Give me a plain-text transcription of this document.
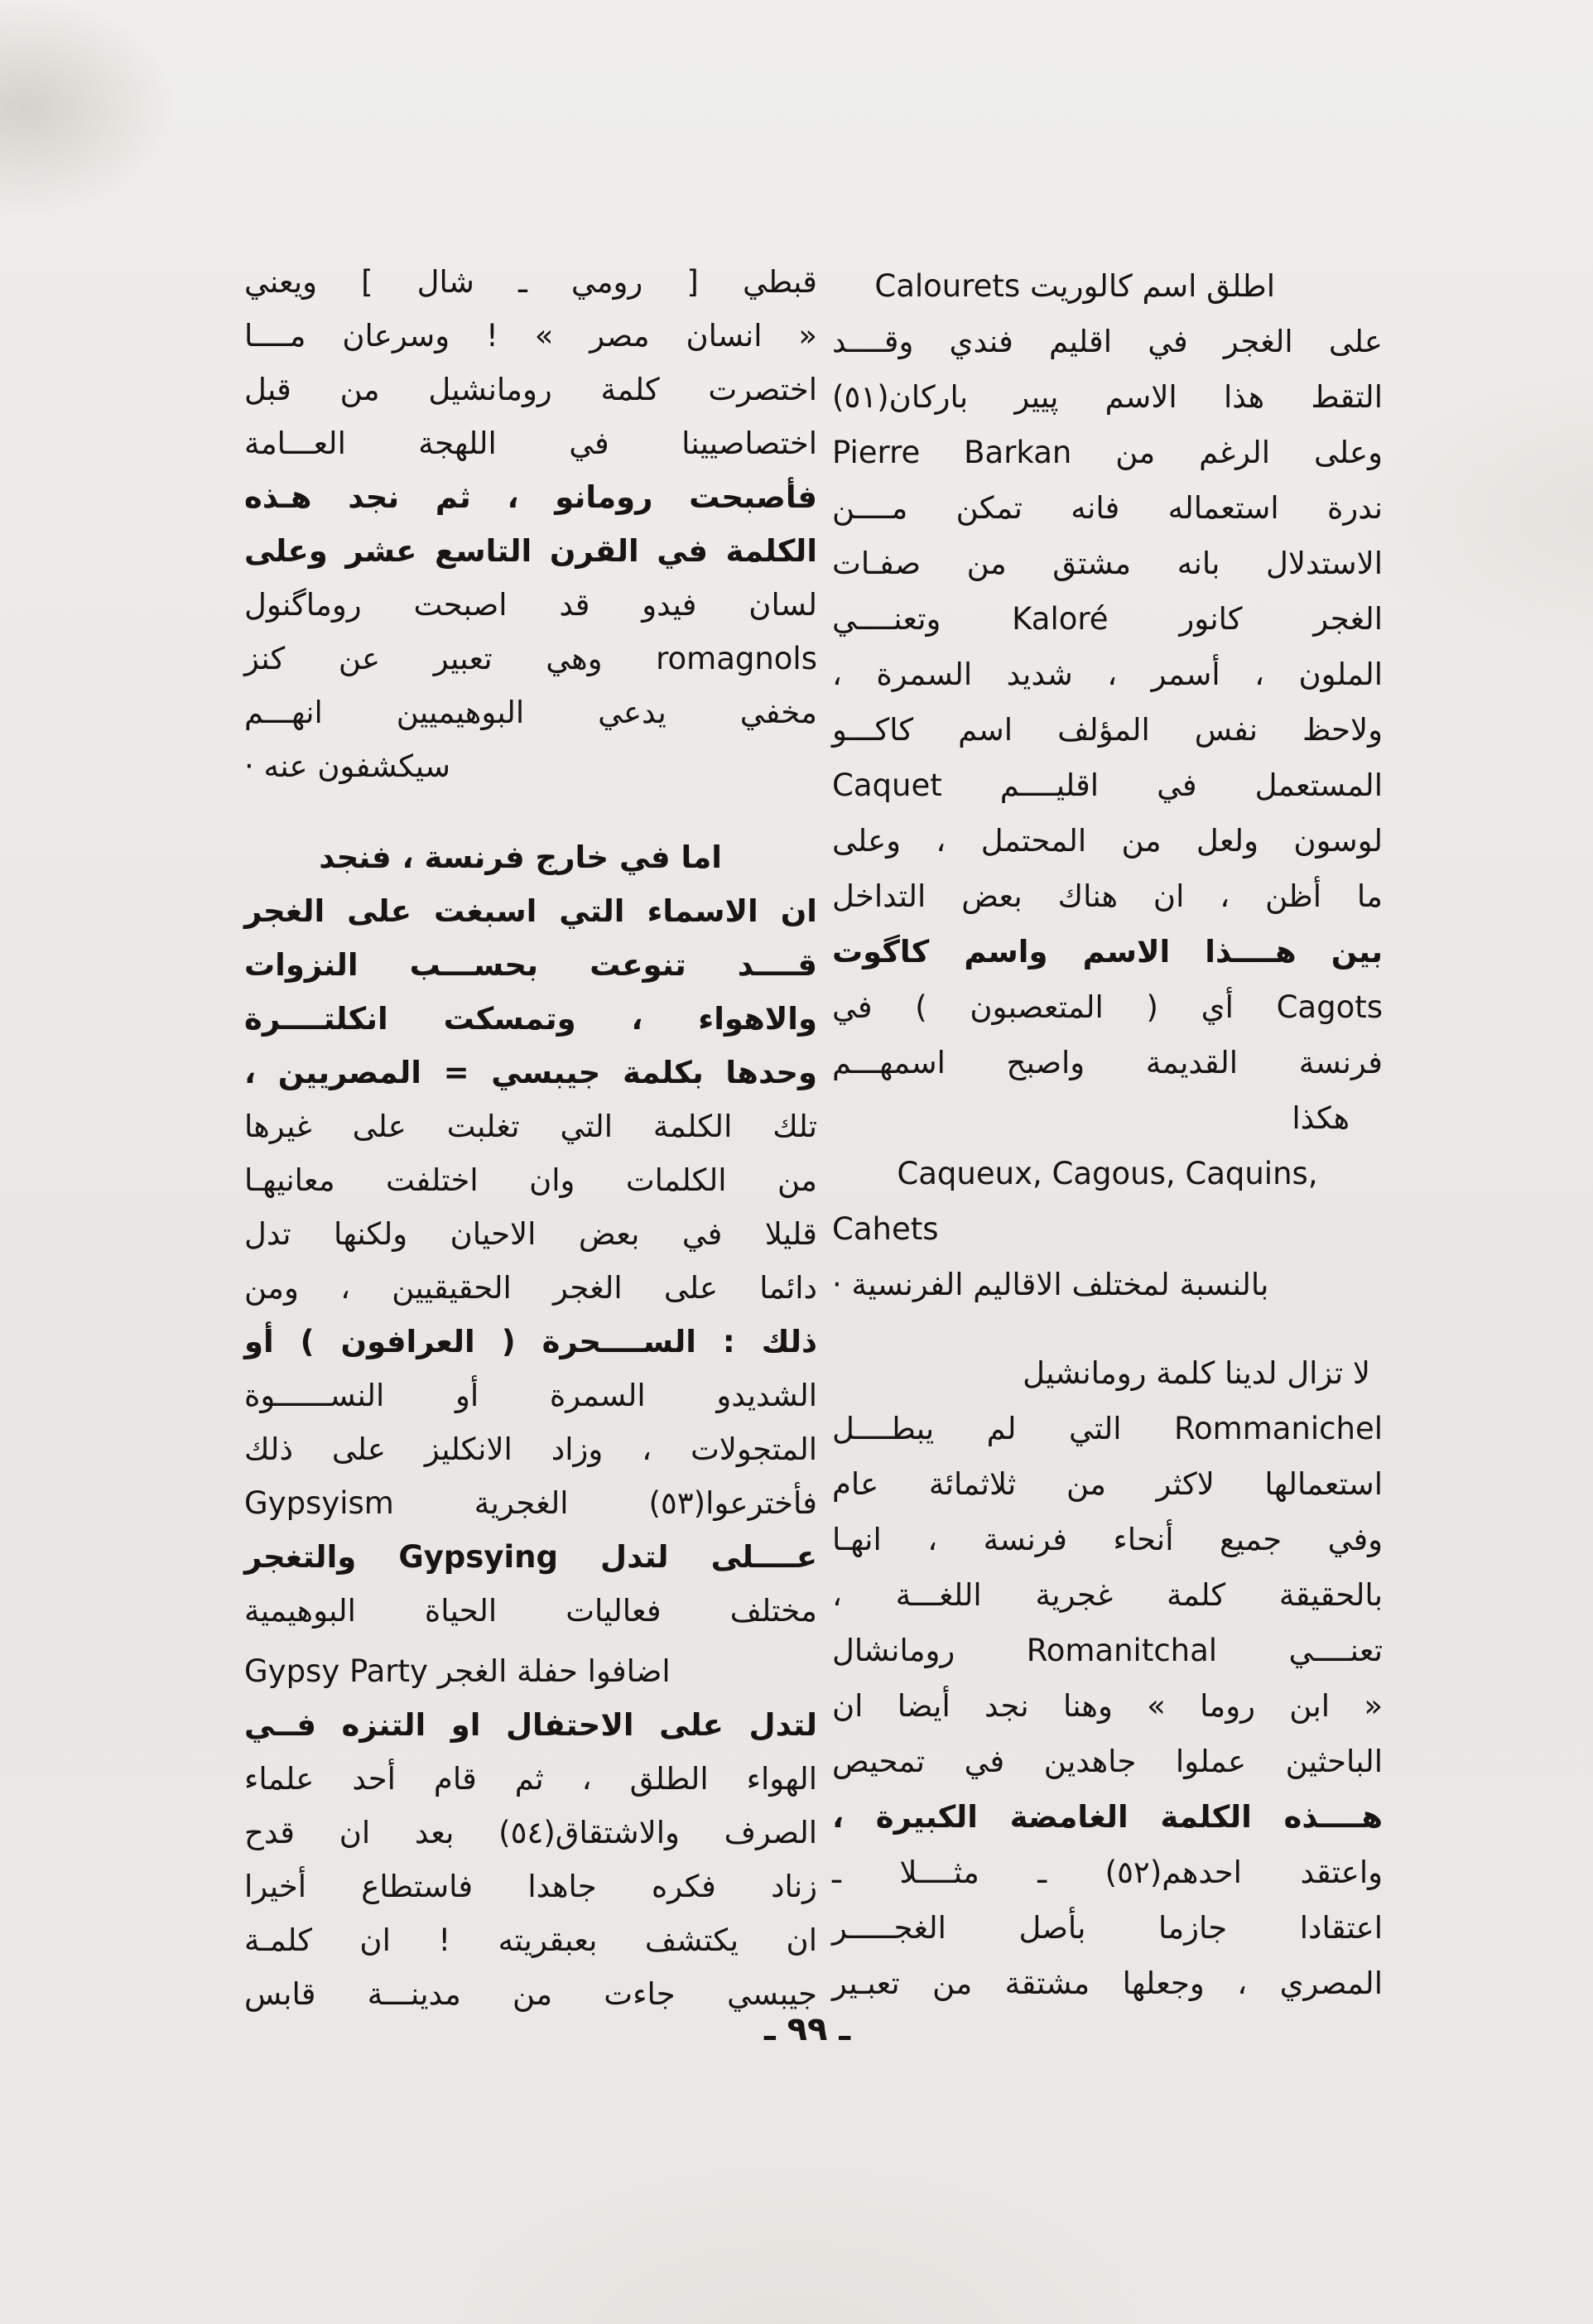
قبطي [ رومي ـ شال ] ويعني
« انسان مصر » ! وسرعان مــــا
اختصرت كلمة رومانشيل من قبل
اختصاصيينا في اللهجة العـــامة
فأصبحت رومانو ، ثم نجد هـذه
الكلمة في القرن التاسع عشر وعلى
لسان فيدو قد اصبحت روماگنول
romagnols وهي تعبير عن كنز
مخفي يدعي البوهيميين انهـــم
سيكشفون عنه ·
اما في خارج فرنسة ، فنجد
ان الاسماء التي اسبغت على الغجر
قــــد تنوعت بحســـب النزوات
والاهواء ، وتمسكت انكلتــــرة
وحدها بكلمة جيبسي = المصريين ،
تلك الكلمة التي تغلبت على غيرها
من الكلمات وان اختلفت معانيهـا
قليلا في بعض الاحيان ولكنها تدل
دائما على الغجر الحقيقيين ، ومن
ذلك : الســــحرة ( العرافون ) أو
الشديدو السمرة أو النســــــوة
المتجولات ، وزاد الانكليز على ذلك
فأخترعوا(٥٣) الغجرية Gypsyism
والتغجر Gypsying لتدل‎ عــــلى
مختلف فعاليات الحياة البوهيمية
اضافوا حفلة الغجر Gypsy Party
لتدل على الاحتفال او التنزه فــي
الهواء الطلق ، ثم قام أحد علماء
الصرف والاشتقاق(٥٤) بعد ان قدح
زناد فكره جاهدا فاستطاع أخيرا
ان يكتشف بعبقريته ! ان كلمـة
جيبسي جاءت من مدينـــة قابس
اطلق اسم كالوريت Calourets
على الغجر في اقليم فندي وقــــد
التقط هذا الاسم پيير باركان(٥١)
وعلى الرغم من Pierre Barkan
ندرة استعماله فانه تمكن مــــن
الاستدلال بانه مشتق من صفـات
الغجر كانور Kaloré وتعنــــي
الملون ، أسمر ، شديد السمرة ،
ولاحظ نفس المؤلف اسم كاكـــو
المستعمل في اقليــــم Caquet
لوسون ولعل من المحتمل ، وعلى
ما أظن ، ان هناك بعض التداخل
بين هــــذا الاسم واسم كاگوت
Cagots أي ( المتعصبون ) في
فرنسة القديمة واصبح اسمهـــم
هكذا
Caqueux, Cagous, Caquins,
Cahets
بالنسبة لمختلف الاقاليم الفرنسية ·
لا تزال لدينا كلمة رومانشيل
Rommanichel التي لم يبطــــل
استعمالها لاكثر من ثلاثمائة عام
وفي جميع أنحاء فرنسة ، انهـا
بالحقيقة كلمة غجرية اللغـــة ،
رومانشال Romanitchal تعنــــي
« ابن روما » وهنا نجد أيضا ان
الباحثين عملوا جاهدين في تمحيص
هــــذه الكلمة الغامضة الكبيرة ،
واعتقد احدهم(٥٢) ـ مثــــلا ـ
اعتقادا جازما بأصل الغجـــــر
المصري ، وجعلها مشتقة من تعبـير
ـ ٩٩ ـ
